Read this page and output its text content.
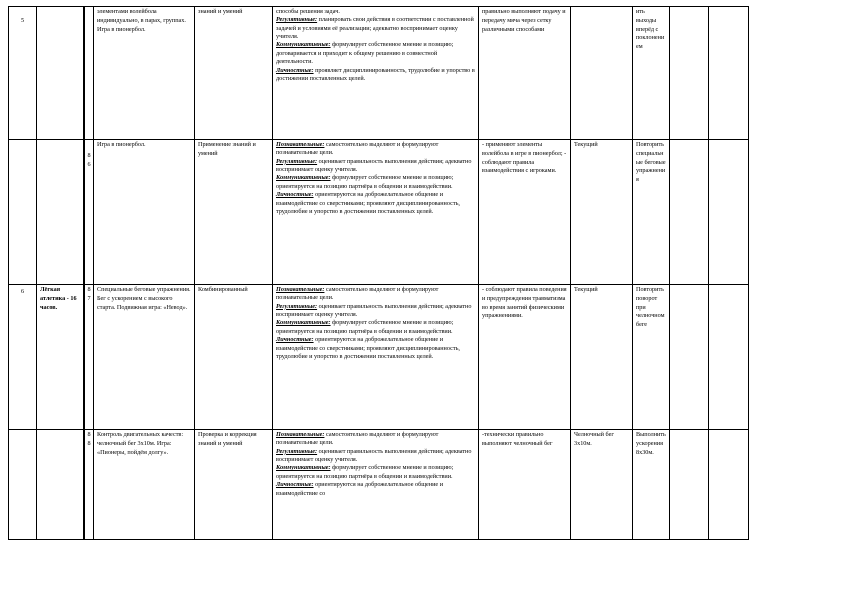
5			элементами волейбола индивидуально, в парах, группах. Игра в пионербол.	знаний и умений	способы решения задач.
Регулятивные: планировать свои действия в соответствии с поставленной задачей и условиями её реализации; адекватно воспринимает оценку учителя.
Коммуникативные: формулирует собственное мнение и позицию; договаривается и приходит к общему решению в совместной деятельности.
Личностные: проявляет дисциплинированность, трудолюбие и упорство в достижении поставленных целей.	правильно выполняют подачу и передачу мяча через сетку различными способами		ить выходы вперёд с поклонением		
		8 6	Игра в пионербол.	Применение знаний и умений	Познавательные: самостоятельно выделяют и формулируют познавательные цели.
Регулятивные: оценивает правильность выполнения действия; адекватно воспринимает оценку учителя.
Коммуникативные: формулирует собственное мнение и позицию; ориентируется на позицию партнёра в общении и взаимодействии.
Личностные: ориентируются на доброжелательное общение и взаимодействие со сверстниками; проявляют дисциплинированность, трудолюбие и упорство в достижении поставленных целей.	- применяют элементы волейбола в игре в пионербол; - соблюдают правила взаимодействия с игроками.	Текущий	Повторить специальные беговые упражнения		
6	Лёгкая атлетика - 16 часов.	8 7	Специальные беговые упражнения. Бег с ускорением с высокого старта. Подвижная игра: «Невод».	Комбинированный	Познавательные: самостоятельно выделяют и формулируют познавательные цели.
Регулятивные: оценивает правильность выполнения действия; адекватно воспринимает оценку учителя.
Коммуникативные: формулирует собственное мнение и позицию; ориентируется на позицию партнёра в общении и взаимодействии.
Личностные: ориентируются на доброжелательное общение и взаимодействие со сверстниками; проявляют дисциплинированность, трудолюбие и упорство в достижении поставленных целей.	- соблюдают правила поведения и предупреждения травматизма во время занятий физическими упражнениями.	Текущий	Повторить поворот при челночном беге		
		8 8	Контроль двигательных качеств: челночный бег 3х10м. Игра: «Пионеры, пойдём долгу».	Проверка и коррекция знаний и умений	Познавательные: самостоятельно выделяют и формулируют познавательные цели.
Регулятивные: оценивает правильность выполнения действия; адекватно воспринимает оценку учителя.
Коммуникативные: формулирует собственное мнение и позицию; ориентируется на позицию партнёра в общении и взаимодействии.
Личностные: ориентируются на доброжелательное общение и взаимодействие со	-технически правильно выполняют челночный бег	Челночный бег 3х10м.	Выполнить ускорения 8х30м.		
